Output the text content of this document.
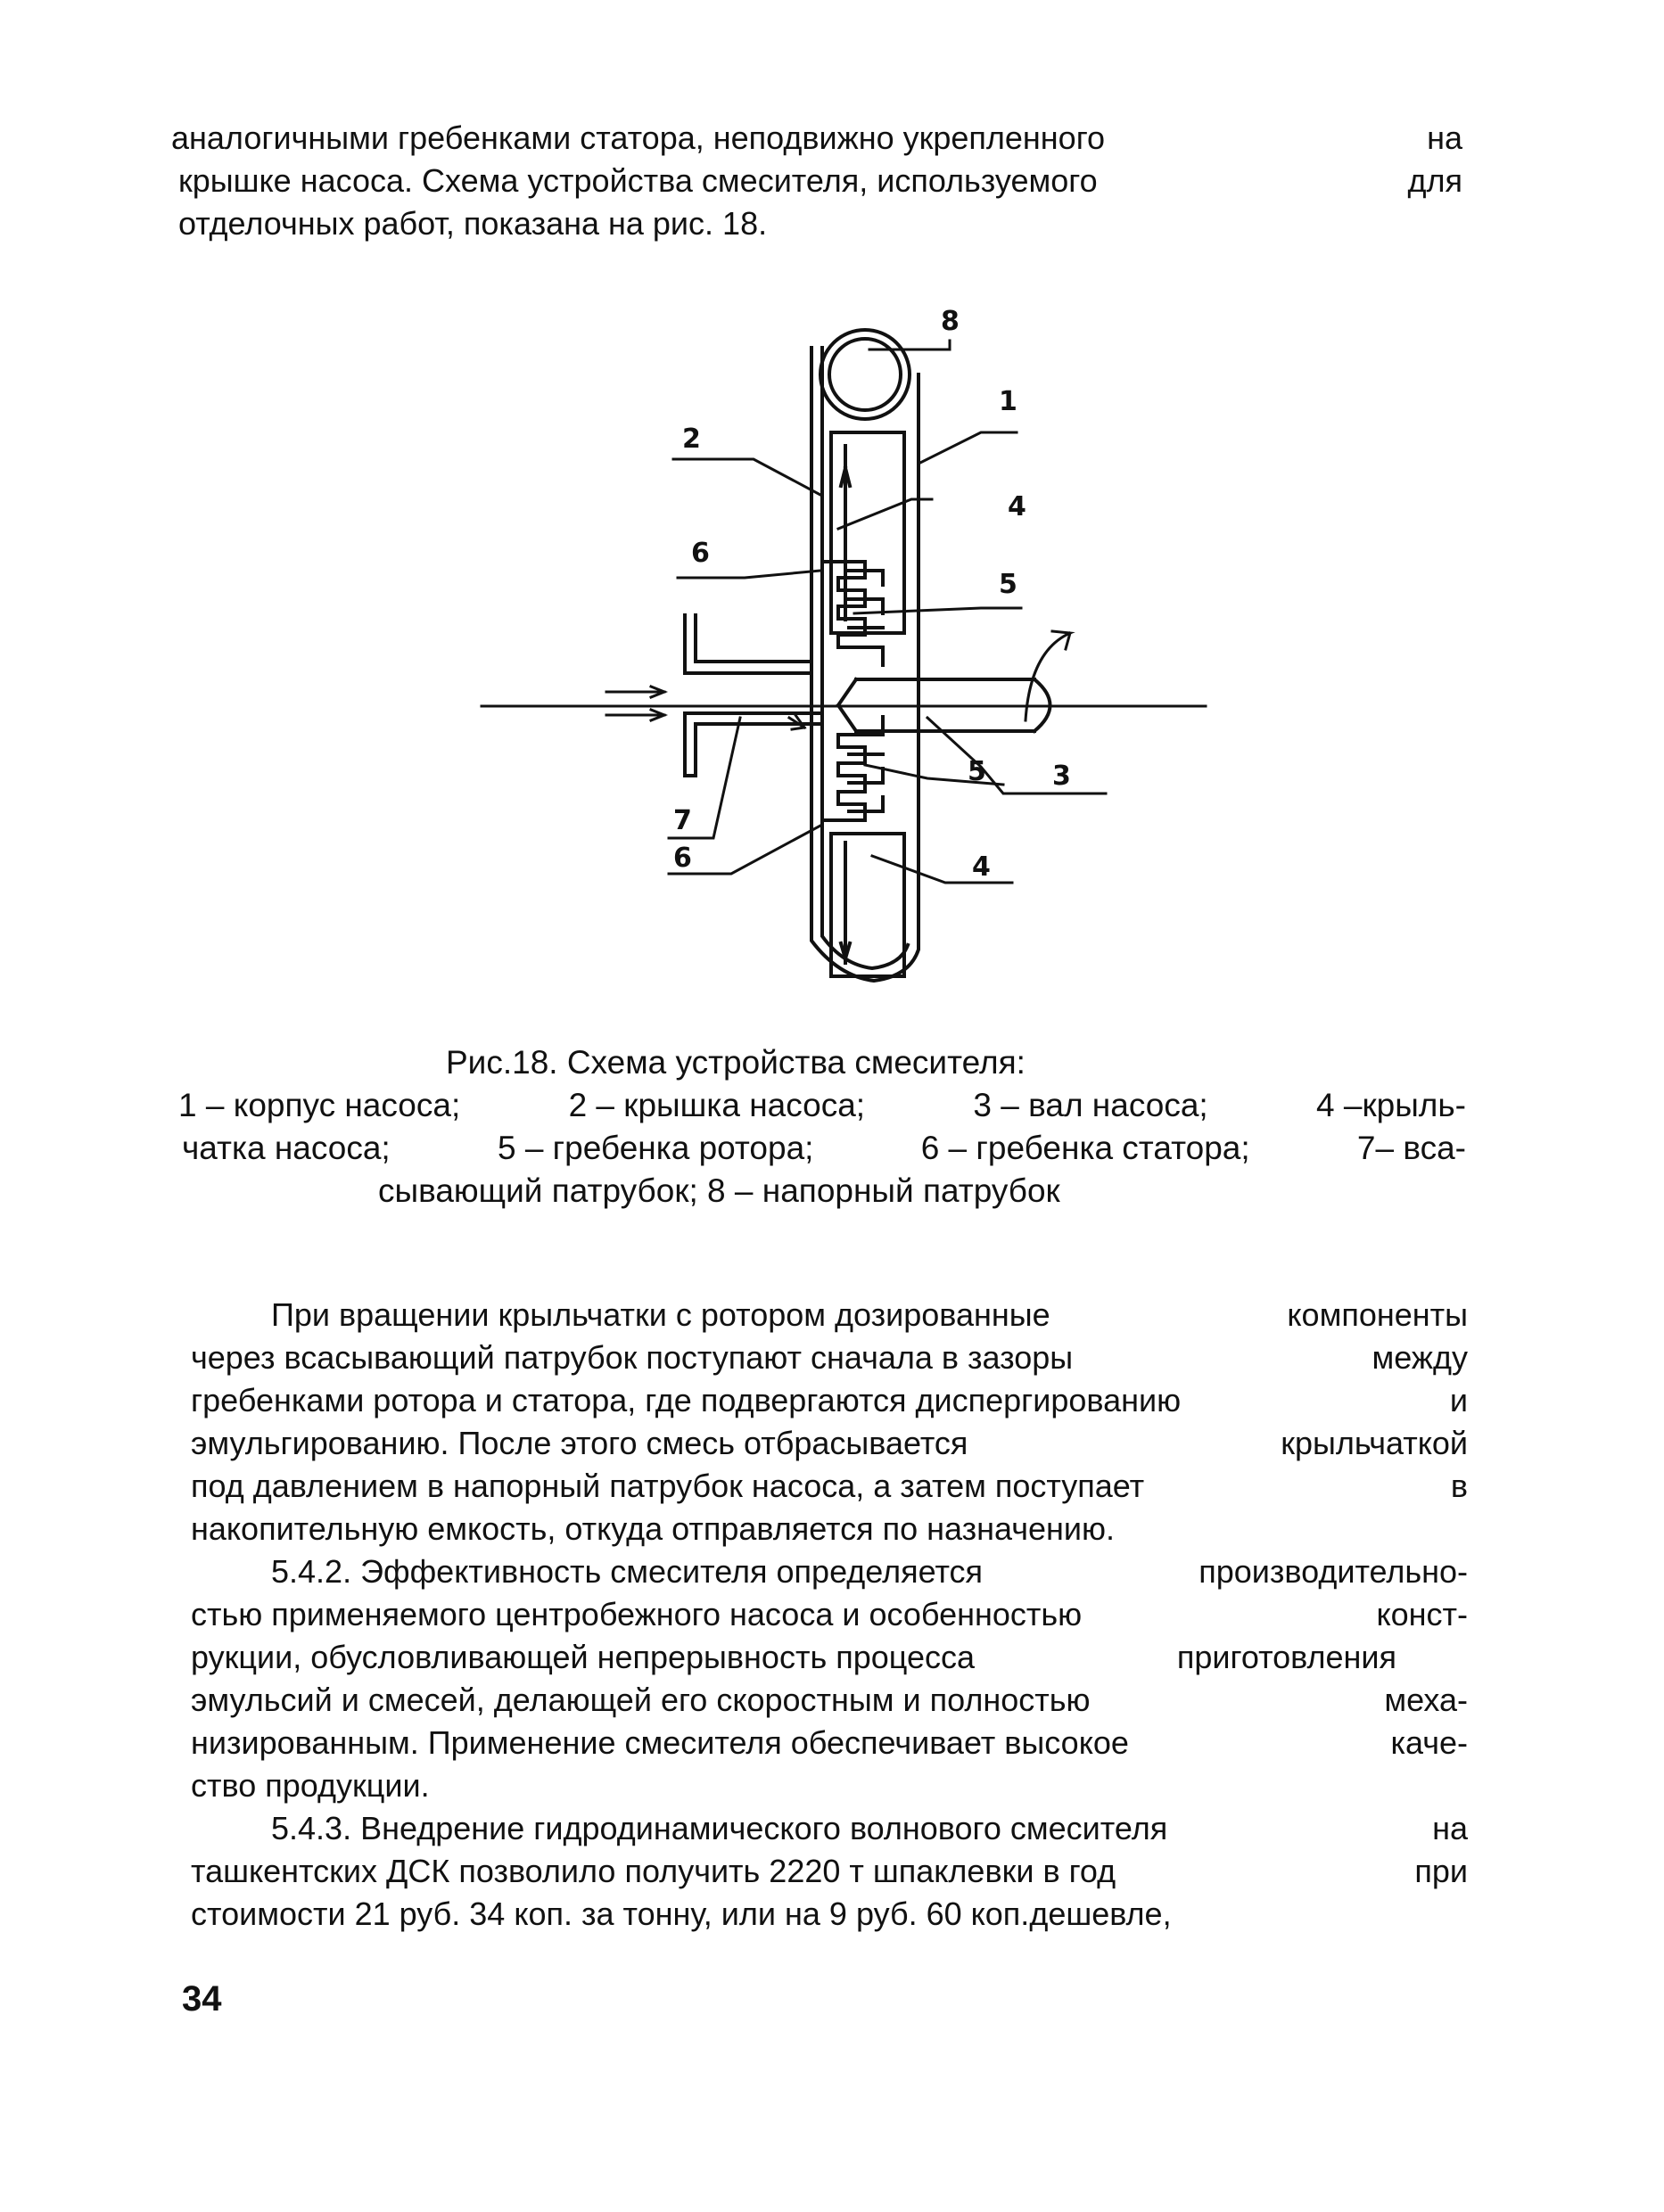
аналогичными гребенками статора, неподвижно укрепленного	на
крышке насоса. Схема устройства смесителя, используемого	для
отделочных работ, показана на рис. 18.
8
1
2
4
6
5
3
5
7
6	4
Рис.18. Схема устройства смесителя:
1 – корпус насоса;	2 – крышка насоса;	3 – вал насоса;	4 –крыль-
чатка насоса;	5 – гребенка ротора;	6 – гребенка статора;	7– вса-
сывающий патрубок; 8 – напорный патрубок
При вращении крыльчатки с ротором дозированные	компоненты
через всасывающий патрубок поступают сначала в зазоры	между
гребенками ротора и статора, где подвергаются диспергированию	и
эмульгированию. После этого смесь отбрасывается	крыльчаткой
под давлением в напорный патрубок насоса, а затем поступает	в
накопительную емкость, откуда отправляется по назначению.
5.4.2. Эффективность смесителя определяется	производительно-
стью применяемого центробежного насоса и особенностью	конст-
рукции, обусловливающей непрерывность процесса	приготовления
эмульсий и смесей, делающей его скоростным и полностью	меха-
низированным. Применение смесителя обеспечивает высокое	каче-
ство продукции.
5.4.3. Внедрение гидродинамического волнового смесителя	на
ташкентских ДСК позволило получить 2220 т шпаклевки в год	при
стоимости 21 руб. 34 коп. за тонну, или на 9 руб. 60 коп.дешевле,
34
